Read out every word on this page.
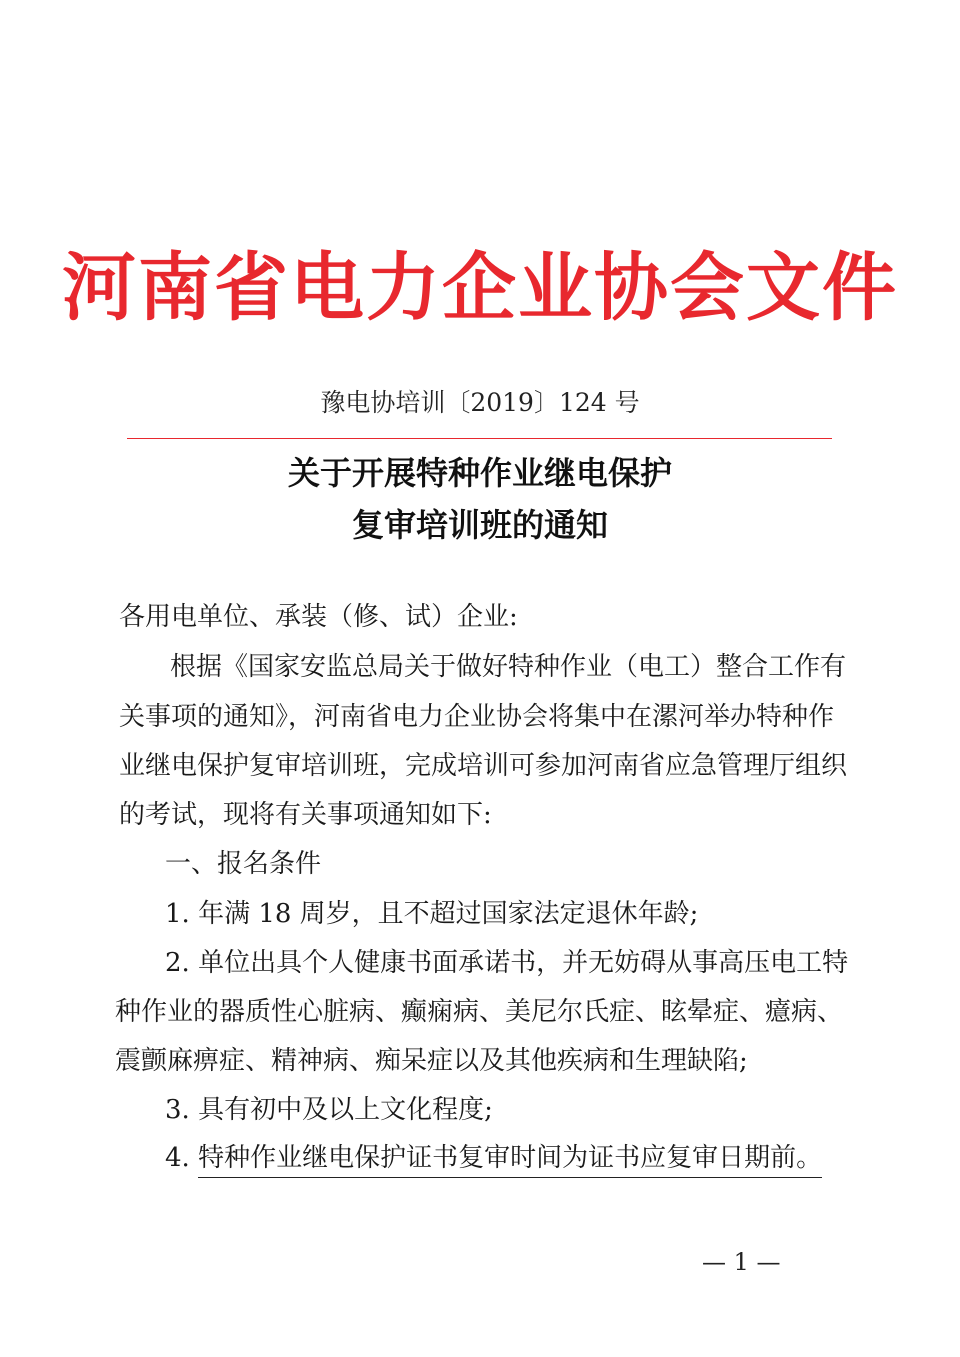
河南省电力企业协会文件
豫电协培训〔2019〕124 号
关于开展特种作业继电保护
复审培训班的通知
各用电单位、承装（修、试）企业:
根据《国家安监总局关于做好特种作业（电工）整合工作有
关事项的通知》，河南省电力企业协会将集中在漯河举办特种作
业继电保护复审培训班，完成培训可参加河南省应急管理厅组织
的考试，现将有关事项通知如下:
一、报名条件
1. 年满 18 周岁，且不超过国家法定退休年龄;
2. 单位出具个人健康书面承诺书，并无妨碍从事高压电工特
种作业的器质性心脏病、癫痫病、美尼尔氏症、眩晕症、癔病、
震颤麻痹症、精神病、痴呆症以及其他疾病和生理缺陷;
3. 具有初中及以上文化程度;
4. 特种作业继电保护证书复审时间为证书应复审日期前。
— 1 —
